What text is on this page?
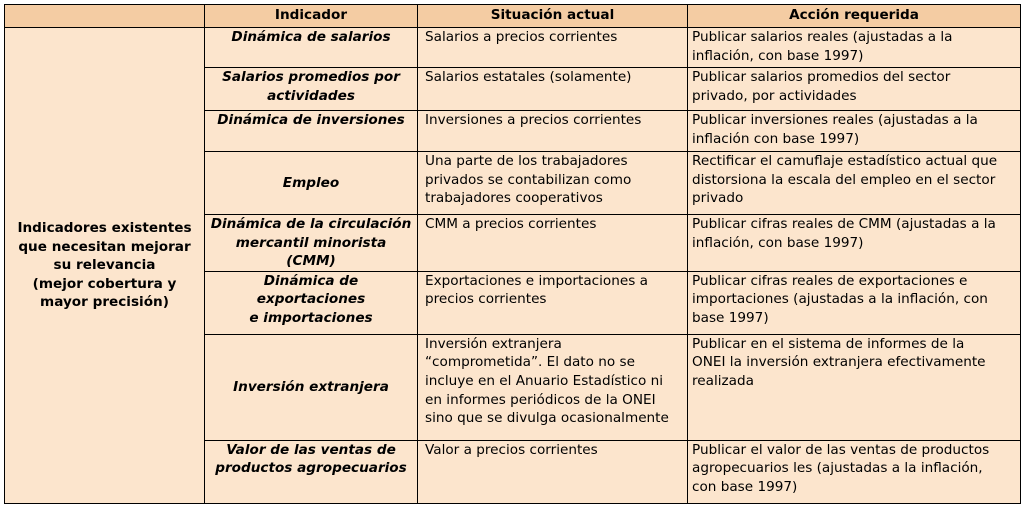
	Indicador	Situación actual	Acción requerida
Indicadores existentes
que necesitan mejorar
su relevancia
(mejor cobertura y
mayor precisión)	Dinámica de salarios	Salarios a precios corrientes	Publicar salarios reales (ajustadas a la
inflación, con base 1997)
	Salarios promedios por
actividades	Salarios estatales (solamente)	Publicar salarios promedios del sector
privado, por actividades
	Dinámica de inversiones	Inversiones a precios corrientes	Publicar inversiones reales (ajustadas a la
inflación con base 1997)
	Empleo	Una parte de los trabajadores
privados se contabilizan como
trabajadores cooperativos	Rectificar el camuflaje estadístico actual que
distorsiona la escala del empleo en el sector
privado
	Dinámica de la circulación
mercantil minorista (CMM)	CMM a precios corrientes	Publicar cifras reales de CMM (ajustadas a la
inflación, con base 1997)
	Dinámica de exportaciones
e importaciones	Exportaciones e importaciones a
precios corrientes	Publicar cifras reales de exportaciones e
importaciones (ajustadas a la inflación, con
base 1997)
	Inversión extranjera	Inversión extranjera
“comprometida”. El dato no se
incluye en el Anuario Estadístico ni
en informes periódicos de la ONEI
sino que se divulga ocasionalmente	Publicar en el sistema de informes de la
ONEI la inversión extranjera efectivamente
realizada
	Valor de las ventas de
productos agropecuarios	Valor a precios corrientes	Publicar el valor de las ventas de productos
agropecuarios les (ajustadas a la inflación,
con base 1997)
